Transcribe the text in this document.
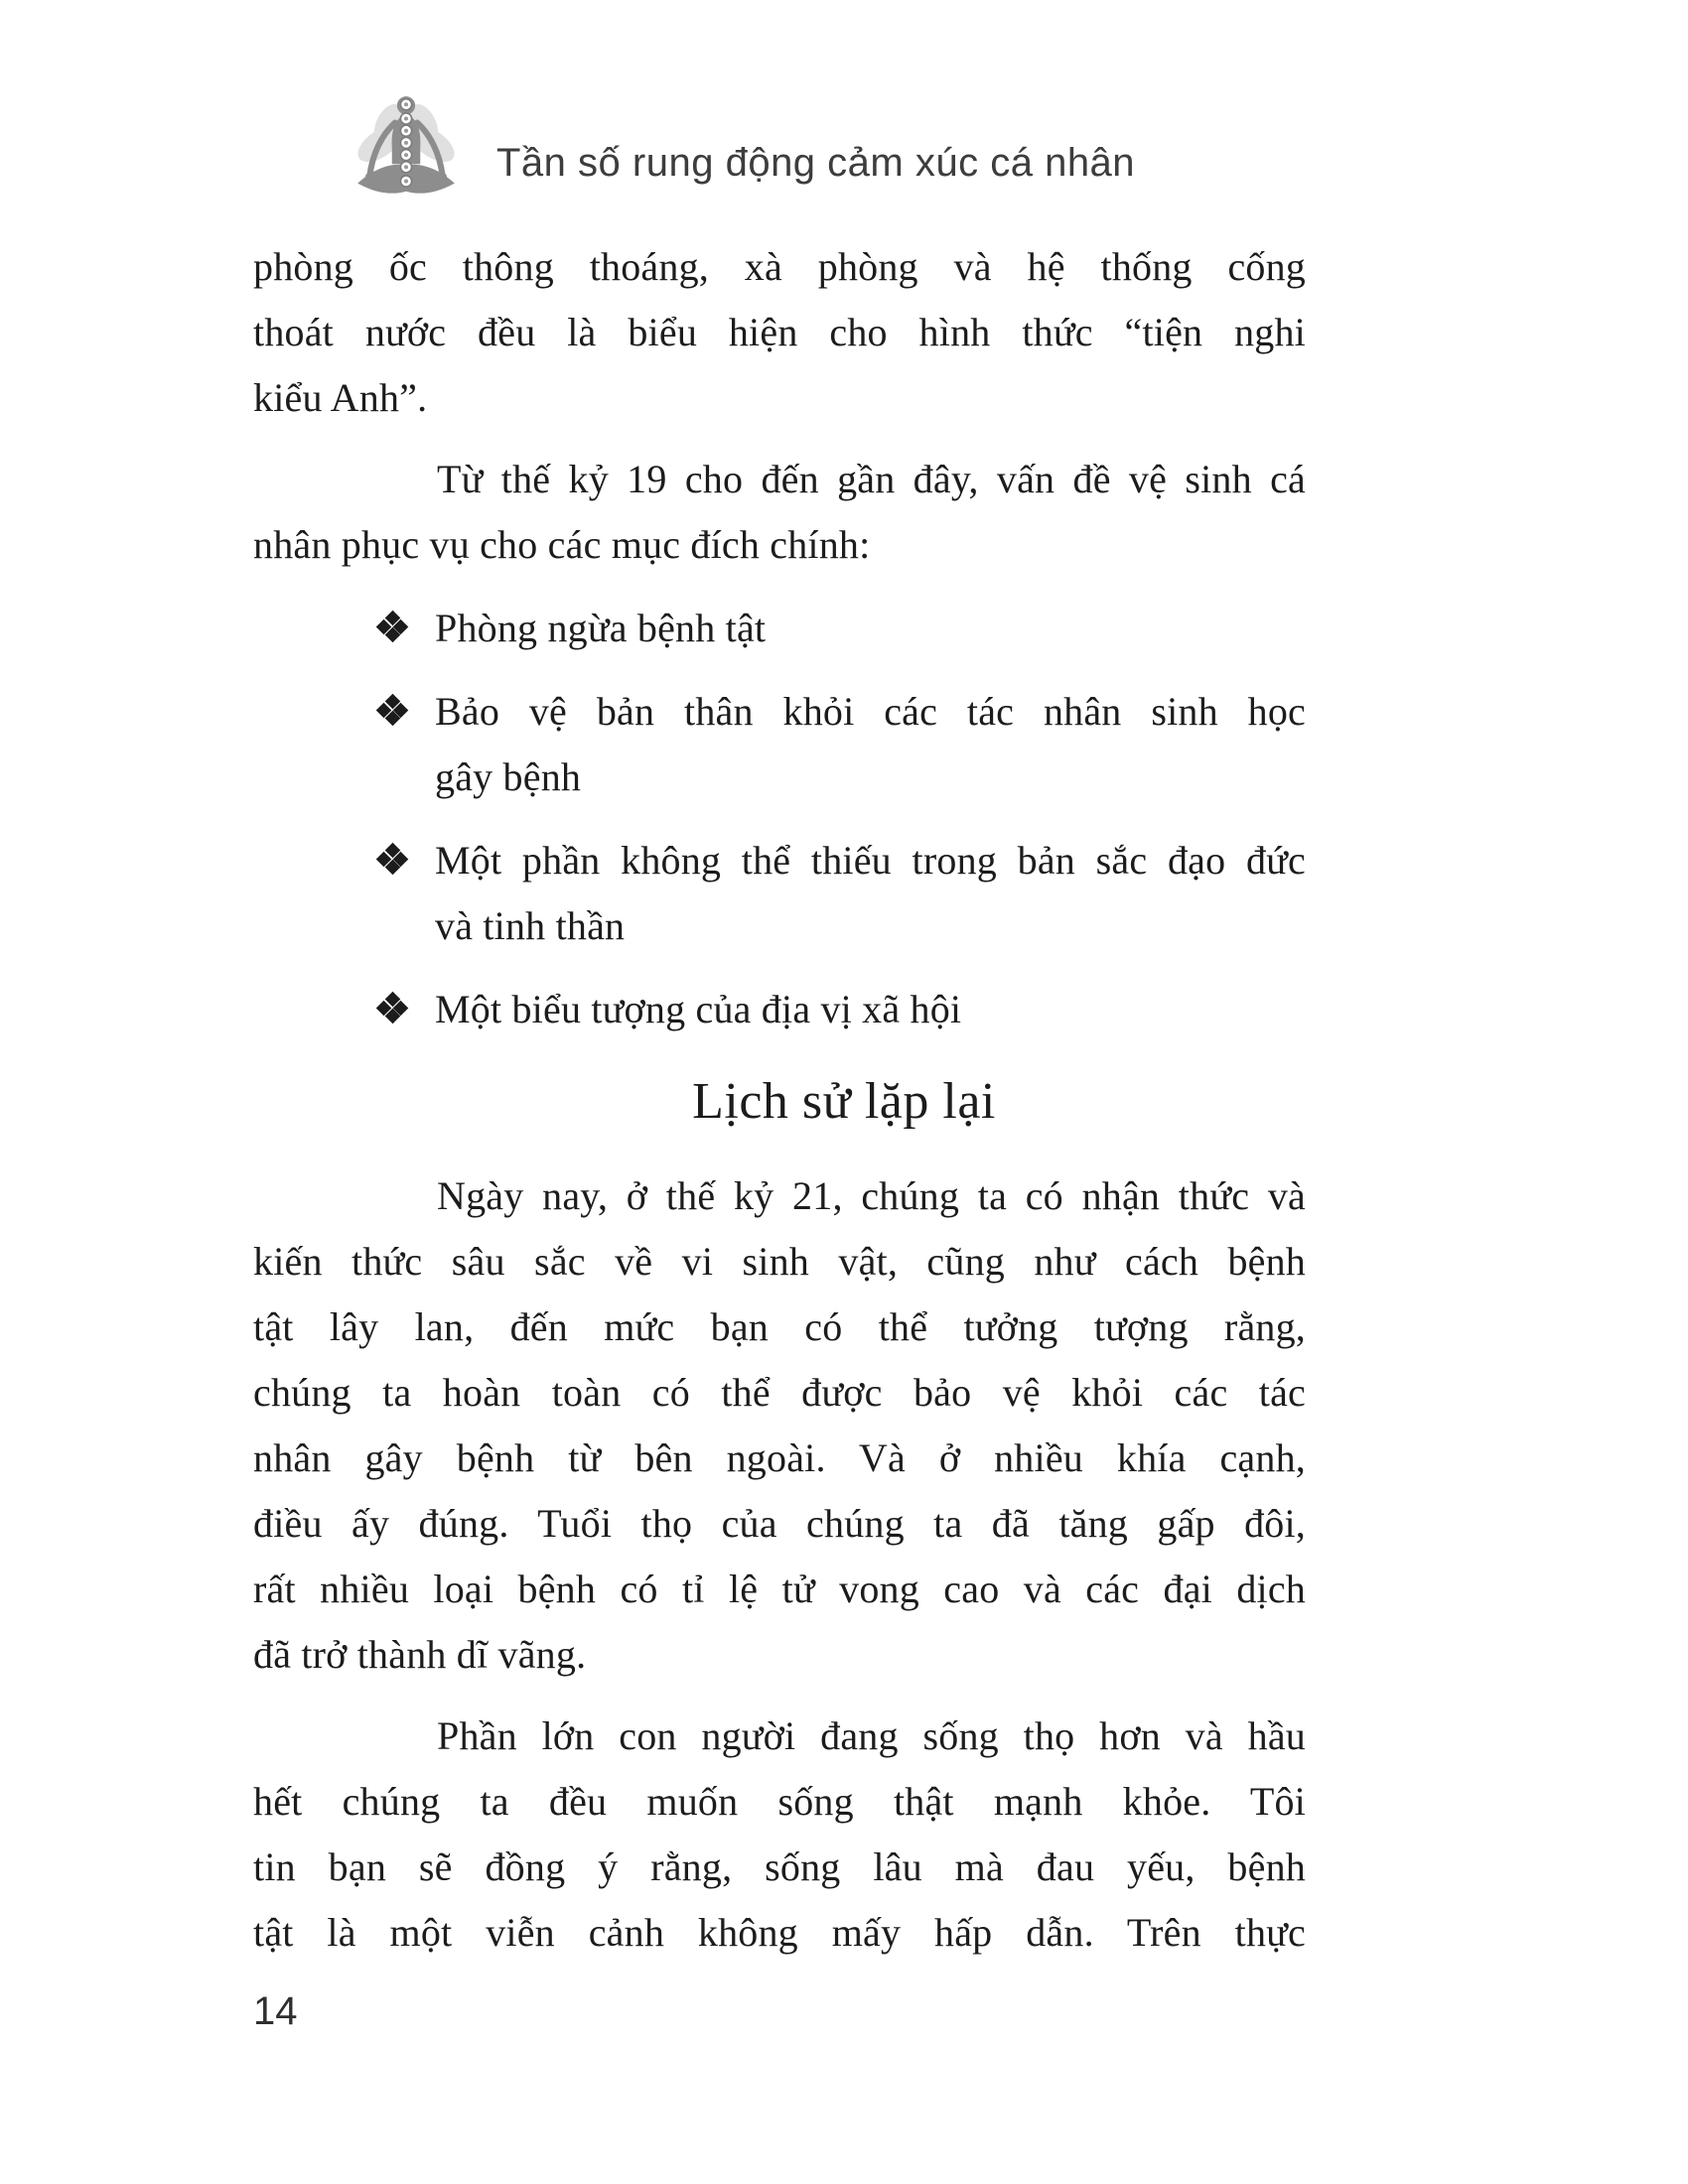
Tần số rung động cảm xúc cá nhân
phòng ốc thông thoáng, xà phòng và hệ thống cống
thoát nước đều là biểu hiện cho hình thức “tiện nghi
kiểu Anh”.
Từ thế kỷ 19 cho đến gần đây, vấn đề vệ sinh cá
nhân phục vụ cho các mục đích chính:
Phòng ngừa bệnh tật
Bảo vệ bản thân khỏi các tác nhân sinh học
gây bệnh
Một phần không thể thiếu trong bản sắc đạo đức
và tinh thần
Một biểu tượng của địa vị xã hội
Lịch sử lặp lại
Ngày nay, ở thế kỷ 21, chúng ta có nhận thức và
kiến thức sâu sắc về vi sinh vật, cũng như cách bệnh
tật lây lan, đến mức bạn có thể tưởng tượng rằng,
chúng ta hoàn toàn có thể được bảo vệ khỏi các tác
nhân gây bệnh từ bên ngoài. Và ở nhiều khía cạnh,
điều ấy đúng. Tuổi thọ của chúng ta đã tăng gấp đôi,
rất nhiều loại bệnh có tỉ lệ tử vong cao và các đại dịch
đã trở thành dĩ vãng.
Phần lớn con người đang sống thọ hơn và hầu
hết chúng ta đều muốn sống thật mạnh khỏe. Tôi
tin bạn sẽ đồng ý rằng, sống lâu mà đau yếu, bệnh
tật là một viễn cảnh không mấy hấp dẫn. Trên thực
14
